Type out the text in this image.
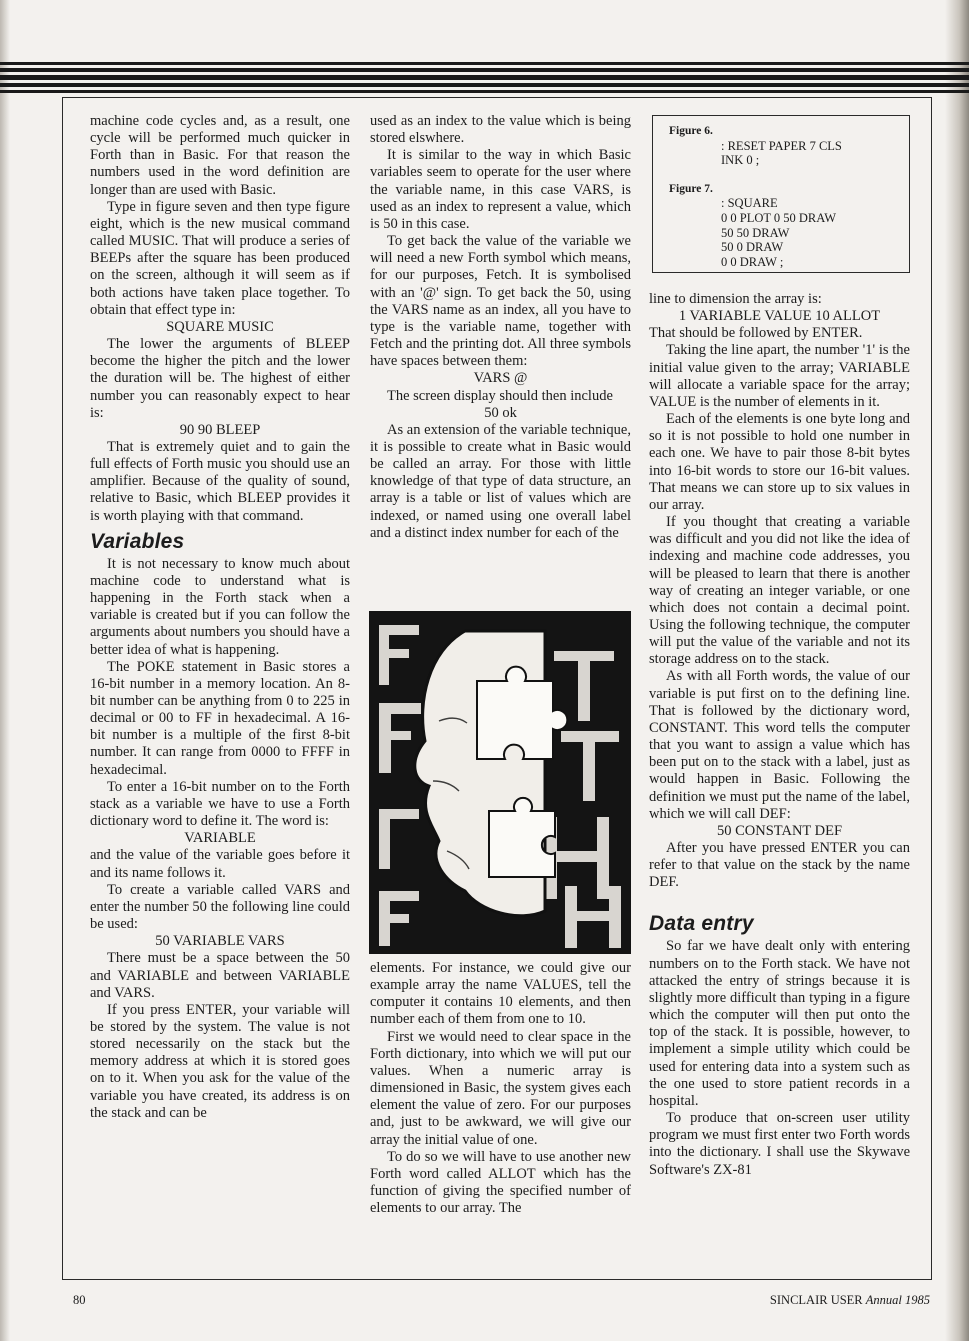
machine code cycles and, as a result, one cycle will be performed much quicker in Forth than in Basic. For that reason the numbers used in the word definition are longer than are used with Basic.

Type in figure seven and then type figure eight, which is the new musical command called MUSIC. That will produce a series of BEEPs after the square has been produced on the screen, although it will seem as if both actions have taken place together. To obtain that effect type in:

SQUARE MUSIC

The lower the arguments of BLEEP become the higher the pitch and the lower the duration will be. The highest of either number you can reasonably expect to hear is:

90 90 BLEEP

That is extremely quiet and to gain the full effects of Forth music you should use an amplifier. Because of the quality of sound, relative to Basic, which BLEEP provides it is worth playing with that command.

Variables

It is not necessary to know much about machine code to understand what is happening in the Forth stack when a variable is created but if you can follow the arguments about numbers you should have a better idea of what is happening.

The POKE statement in Basic stores a 16-bit number in a memory location. An 8-bit number can be anything from 0 to 225 in decimal or 00 to FF in hexadecimal. A 16-bit number is a multiple of the first 8-bit number. It can range from 0000 to FFFF in hexadecimal.

To enter a 16-bit number on to the Forth stack as a variable we have to use a Forth dictionary word to define it. The word is:

VARIABLE

and the value of the variable goes before it and its name follows it.

To create a variable called VARS and enter the number 50 the following line could be used:

50 VARIABLE VARS

There must be a space between the 50 and VARIABLE and between VARIABLE and VARS.

If you press ENTER, your variable will be stored by the system. The value is not stored necessarily on the stack but the memory address at which it is stored goes on to it. When you ask for the value of the variable you have created, its address is on the stack and can be

used as an index to the value which is being stored elswhere.

It is similar to the way in which Basic variables seem to operate for the user where the variable name, in this case VARS, is used as an index to represent a value, which is 50 in this case.

To get back the value of the variable we will need a new Forth symbol which means, for our purposes, Fetch. It is symbolised with an '@' sign. To get back the 50, using the VARS name as an index, all you have to type is the variable name, together with Fetch and the printing dot. All three symbols have spaces between them:

VARS @

The screen display should then include

50 ok

As an extension of the variable technique, it is possible to create what in Basic would be called an array. For those with little knowledge of that type of data structure, an array is a table or list of values which are indexed, or named using one overall label and a distinct index number for each of the

elements. For instance, we could give our example array the name VALUES, tell the computer it contains 10 elements, and then number each of them from one to 10.

First we would need to clear space in the Forth dictionary, into which we will put our values. When a numeric array is dimensioned in Basic, the system gives each element the value of zero. For our purposes and, just to be awkward, we will give our array the initial value of one.

To do so we will have to use another new Forth word called ALLOT which has the function of giving the specified number of elements to our array. The

FORTH
Figure 6.
: RESET PAPER 7 CLS
INK 0 ;
Figure 7.
: SQUARE
0 0 PLOT 0 50 DRAW
50 50 DRAW
50 0 DRAW
0 0 DRAW ;

line to dimension the array is:

1 VARIABLE VALUE 10 ALLOT

That should be followed by ENTER.

Taking the line apart, the number '1' is the initial value given to the array; VARIABLE will allocate a variable space for the array; VALUE is the number of elements in it.

Each of the elements is one byte long and so it is not possible to hold one number in each one. We have to pair those 8-bit bytes into 16-bit words to store our 16-bit values. That means we can store up to six values in our array.

If you thought that creating a variable was difficult and you did not like the idea of indexing and machine code addresses, you will be pleased to learn that there is another way of creating an integer variable, or one which does not contain a decimal point. Using the following technique, the computer will put the value of the variable and not its storage address on to the stack.

As with all Forth words, the value of our variable is put first on to the defining line. That is followed by the dictionary word, CONSTANT. This word tells the computer that you want to assign a value which has been put on to the stack with a label, just as would happen in Basic. Following the definition we must put the name of the label, which we will call DEF:

50 CONSTANT DEF

After you have pressed ENTER you can refer to that value on the stack by the name DEF.

Data entry

So far we have dealt only with entering numbers on to the Forth stack. We have not attacked the entry of strings because it is slightly more difficult than typing in a figure which the computer will then put onto the top of the stack. It is possible, however, to implement a simple utility which could be used for entering data into a system such as the one used to store patient records in a hospital.

To produce that on-screen user utility program we must first enter two Forth words into the dictionary. I shall use the Skywave Software's ZX-81

80	SINCLAIR USER Annual 1985
